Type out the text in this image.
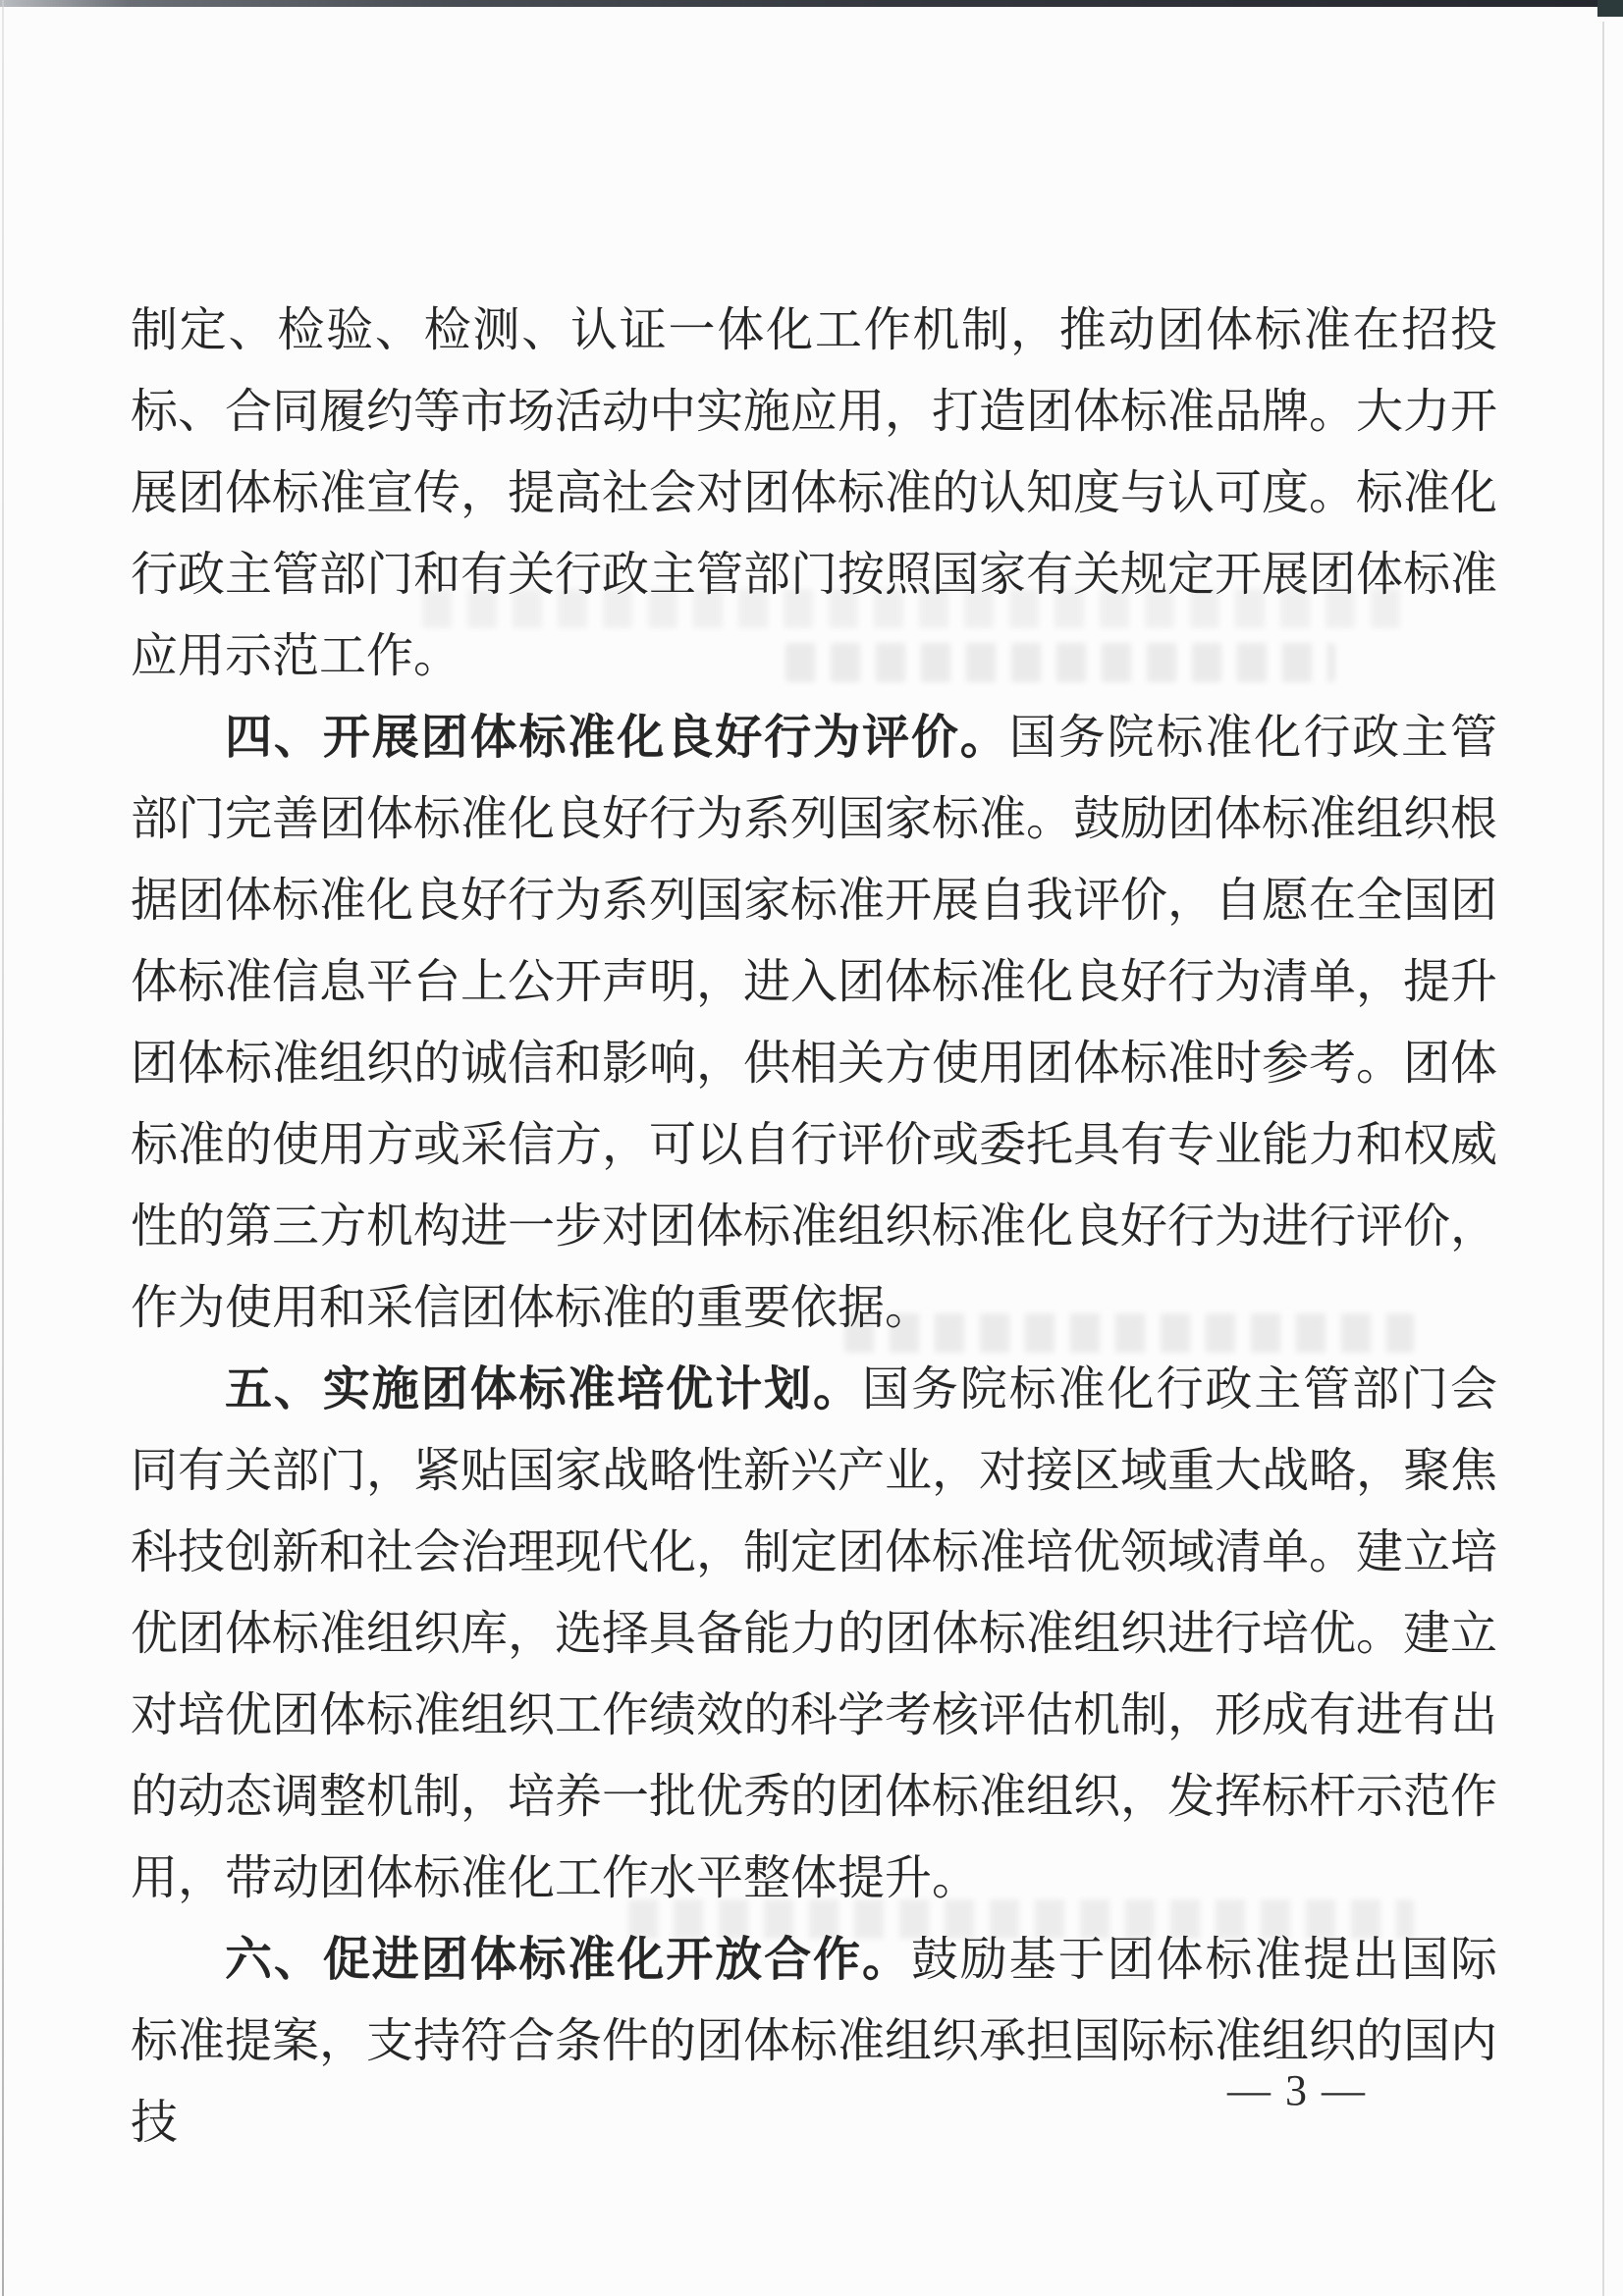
制定、检验、检测、认证一体化工作机制，推动团体标准在招投标、合同履约等市场活动中实施应用，打造团体标准品牌。大力开展团体标准宣传，提高社会对团体标准的认知度与认可度。标准化行政主管部门和有关行政主管部门按照国家有关规定开展团体标准应用示范工作。

四、开展团体标准化良好行为评价。国务院标准化行政主管部门完善团体标准化良好行为系列国家标准。鼓励团体标准组织根据团体标准化良好行为系列国家标准开展自我评价，自愿在全国团体标准信息平台上公开声明，进入团体标准化良好行为清单，提升团体标准组织的诚信和影响，供相关方使用团体标准时参考。团体标准的使用方或采信方，可以自行评价或委托具有专业能力和权威性的第三方机构进一步对团体标准组织标准化良好行为进行评价，作为使用和采信团体标准的重要依据。

五、实施团体标准培优计划。国务院标准化行政主管部门会同有关部门，紧贴国家战略性新兴产业，对接区域重大战略，聚焦科技创新和社会治理现代化，制定团体标准培优领域清单。建立培优团体标准组织库，选择具备能力的团体标准组织进行培优。建立对培优团体标准组织工作绩效的科学考核评估机制，形成有进有出的动态调整机制，培养一批优秀的团体标准组织，发挥标杆示范作用，带动团体标准化工作水平整体提升。

六、促进团体标准化开放合作。鼓励基于团体标准提出国际标准提案，支持符合条件的团体标准组织承担国际标准组织的国内技

— 3 —
